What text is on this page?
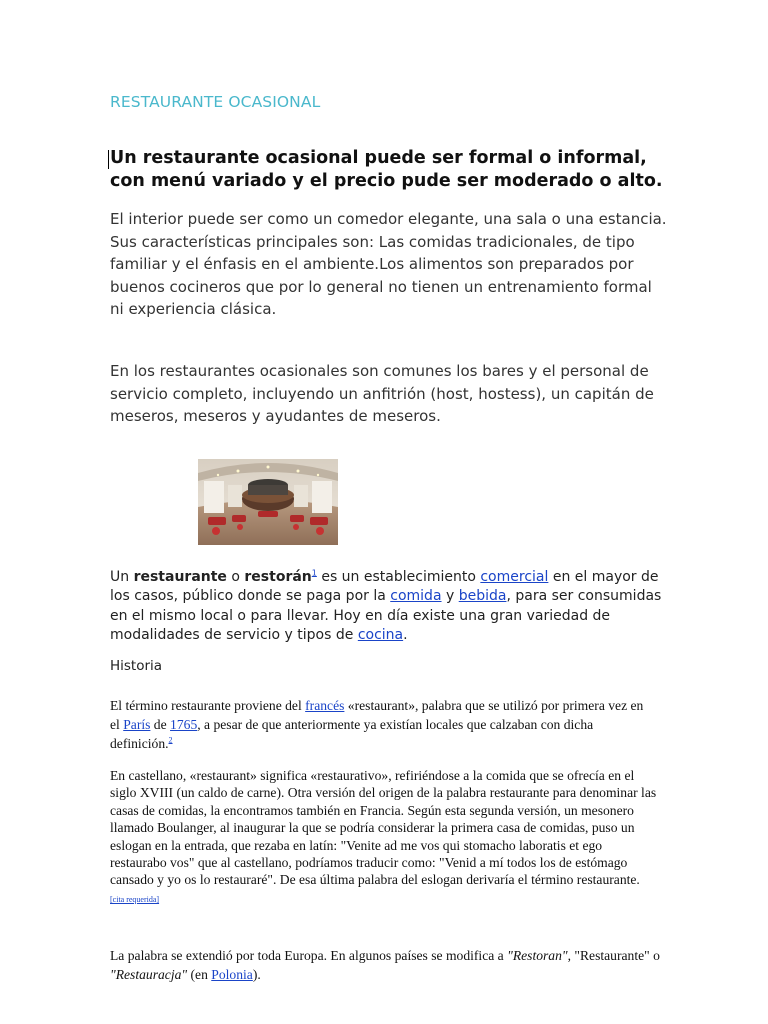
RESTAURANTE OCASIONAL
Un restaurante ocasional puede ser formal o informal, con menú variado y el precio pude ser moderado o alto.
El interior puede ser como un comedor elegante, una sala o una estancia.
Sus características principales son: Las comidas tradicionales, de tipo familiar y el énfasis en el ambiente.Los alimentos son preparados por buenos cocineros que por lo general no tienen un entrenamiento formal ni experiencia clásica.
En los restaurantes ocasionales son comunes los bares y el personal de servicio completo, incluyendo un anfitrión (host, hostess), un capitán de meseros, meseros y ayudantes de meseros.
Un restaurante o restorán$^1$ es un establecimiento comercial en el mayor de los casos, público donde se paga por la comida y bebida, para ser consumidas en el mismo local o para llevar. Hoy en día existe una gran variedad de modalidades de servicio y tipos de cocina.
Historia
El término restaurante proviene del francés «restaurant», palabra que se utilizó por primera vez en el París de 1765, a pesar de que anteriormente ya existían locales que calzaban con dicha definición.$^2$
En castellano, «restaurant» significa «restaurativo», refiriéndose a la comida que se ofrecía en el siglo XVIII (un caldo de carne). Otra versión del origen de la palabra restaurante para denominar las casas de comidas, la encontramos también en Francia. Según esta segunda versión, un mesonero llamado Boulanger, al inaugurar la que se podría considerar la primera casa de comidas, puso un eslogan en la entrada, que rezaba en latín: "Venite ad me vos qui stomacho laboratis et ego restaurabo vos" que al castellano, podríamos traducir como: "Venid a mí todos los de estómago cansado y yo os lo restauraré". De esa última palabra del eslogan derivaría el término restaurante.
[cita requerida]
La palabra se extendió por toda Europa. En algunos países se modifica a "Restoran", "Restaurante" o "Restauracja" (en Polonia).
